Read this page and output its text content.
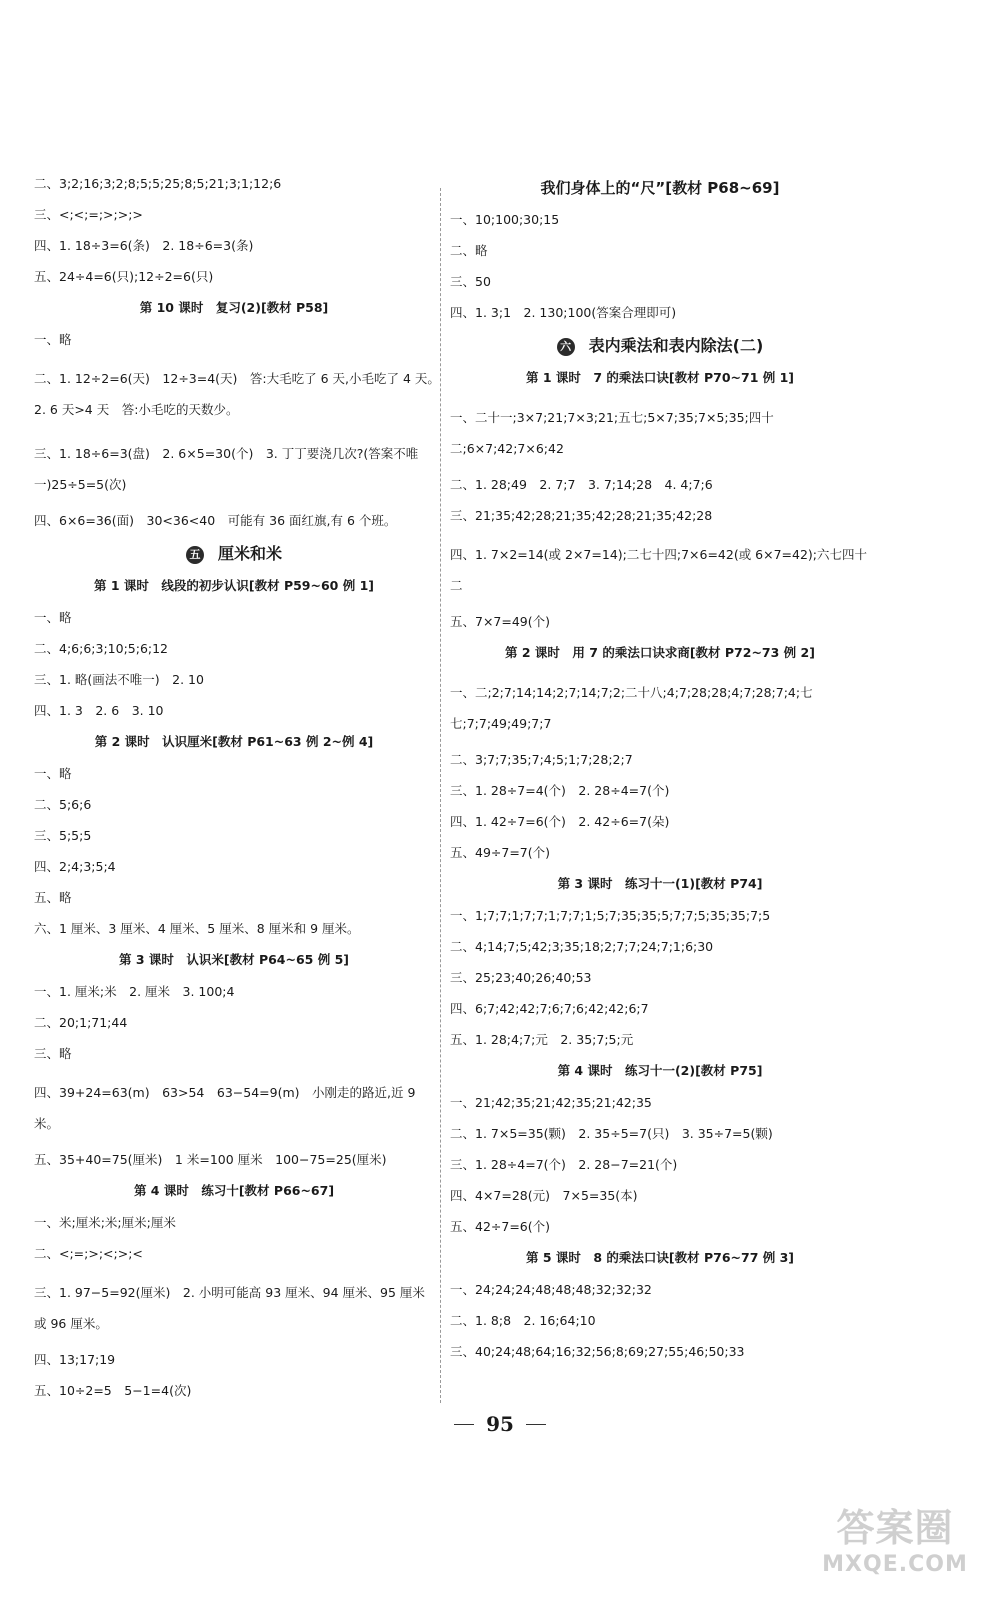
二、3;2;16;3;2;8;5;5;25;8;5;21;3;1;12;6
三、<;<;=;>;>;>
四、1. 18÷3=6(条)　2. 18÷6=3(条)
五、24÷4=6(只);12÷2=6(只)
第 10 课时　复习(2)[教材 P58]
一、略
二、1. 12÷2=6(天)　12÷3=4(天)　答:大毛吃了 6 天,小毛吃了 4 天。　2. 6 天>4 天　答:小毛吃的天数少。
三、1. 18÷6=3(盘)　2. 6×5=30(个)　3. 丁丁要浇几次?(答案不唯一)25÷5=5(次)
四、6×6=36(面)　30<36<40　可能有 36 面红旗,有 6 个班。
五 厘米和米
第 1 课时　线段的初步认识[教材 P59~60 例 1]
一、略
二、4;6;6;3;10;5;6;12
三、1. 略(画法不唯一)　2. 10
四、1. 3　2. 6　3. 10
第 2 课时　认识厘米[教材 P61~63 例 2~例 4]
一、略
二、5;6;6
三、5;5;5
四、2;4;3;5;4
五、略
六、1 厘米、3 厘米、4 厘米、5 厘米、8 厘米和 9 厘米。
第 3 课时　认识米[教材 P64~65 例 5]
一、1. 厘米;米　2. 厘米　3. 100;4
二、20;1;71;44
三、略
四、39+24=63(m)　63>54　63−54=9(m)　小刚走的路近,近 9 米。
五、35+40=75(厘米)　1 米=100 厘米　100−75=25(厘米)
第 4 课时　练习十[教材 P66~67]
一、米;厘米;米;厘米;厘米
二、<;=;>;<;>;<
三、1. 97−5=92(厘米)　2. 小明可能高 93 厘米、94 厘米、95 厘米或 96 厘米。
四、13;17;19
五、10÷2=5　5−1=4(次)
我们身体上的“尺”[教材 P68~69]
一、10;100;30;15
二、略
三、50
四、1. 3;1　2. 130;100(答案合理即可)
六 表内乘法和表内除法(二)
第 1 课时　7 的乘法口诀[教材 P70~71 例 1]
一、二十一;3×7;21;7×3;21;五七;5×7;35;7×5;35;四十二;6×7;42;7×6;42
二、1. 28;49　2. 7;7　3. 7;14;28　4. 4;7;6
三、21;35;42;28;21;35;42;28;21;35;42;28
四、1. 7×2=14(或 2×7=14);二七十四;7×6=42(或 6×7=42);六七四十二
五、7×7=49(个)
第 2 课时　用 7 的乘法口诀求商[教材 P72~73 例 2]
一、二;2;7;14;14;2;7;14;7;2;二十八;4;7;28;28;4;7;28;7;4;七七;7;7;49;49;7;7
二、3;7;7;35;7;4;5;1;7;28;2;7
三、1. 28÷7=4(个)　2. 28÷4=7(个)
四、1. 42÷7=6(个)　2. 42÷6=7(朵)
五、49÷7=7(个)
第 3 课时　练习十一(1)[教材 P74]
一、1;7;7;1;7;7;1;7;7;1;5;7;35;35;5;7;7;5;35;35;7;5
二、4;14;7;5;42;3;35;18;2;7;7;24;7;1;6;30
三、25;23;40;26;40;53
四、6;7;42;42;7;6;7;6;42;42;6;7
五、1. 28;4;7;元　2. 35;7;5;元
第 4 课时　练习十一(2)[教材 P75]
一、21;42;35;21;42;35;21;42;35
二、1. 7×5=35(颗)　2. 35÷5=7(只)　3. 35÷7=5(颗)
三、1. 28÷4=7(个)　2. 28−7=21(个)
四、4×7=28(元)　7×5=35(本)
五、42÷7=6(个)
第 5 课时　8 的乘法口诀[教材 P76~77 例 3]
一、24;24;24;48;48;48;32;32;32
二、1. 8;8　2. 16;64;10
三、40;24;48;64;16;32;56;8;69;27;55;46;50;33
95
答案圈
MXQE.COM
